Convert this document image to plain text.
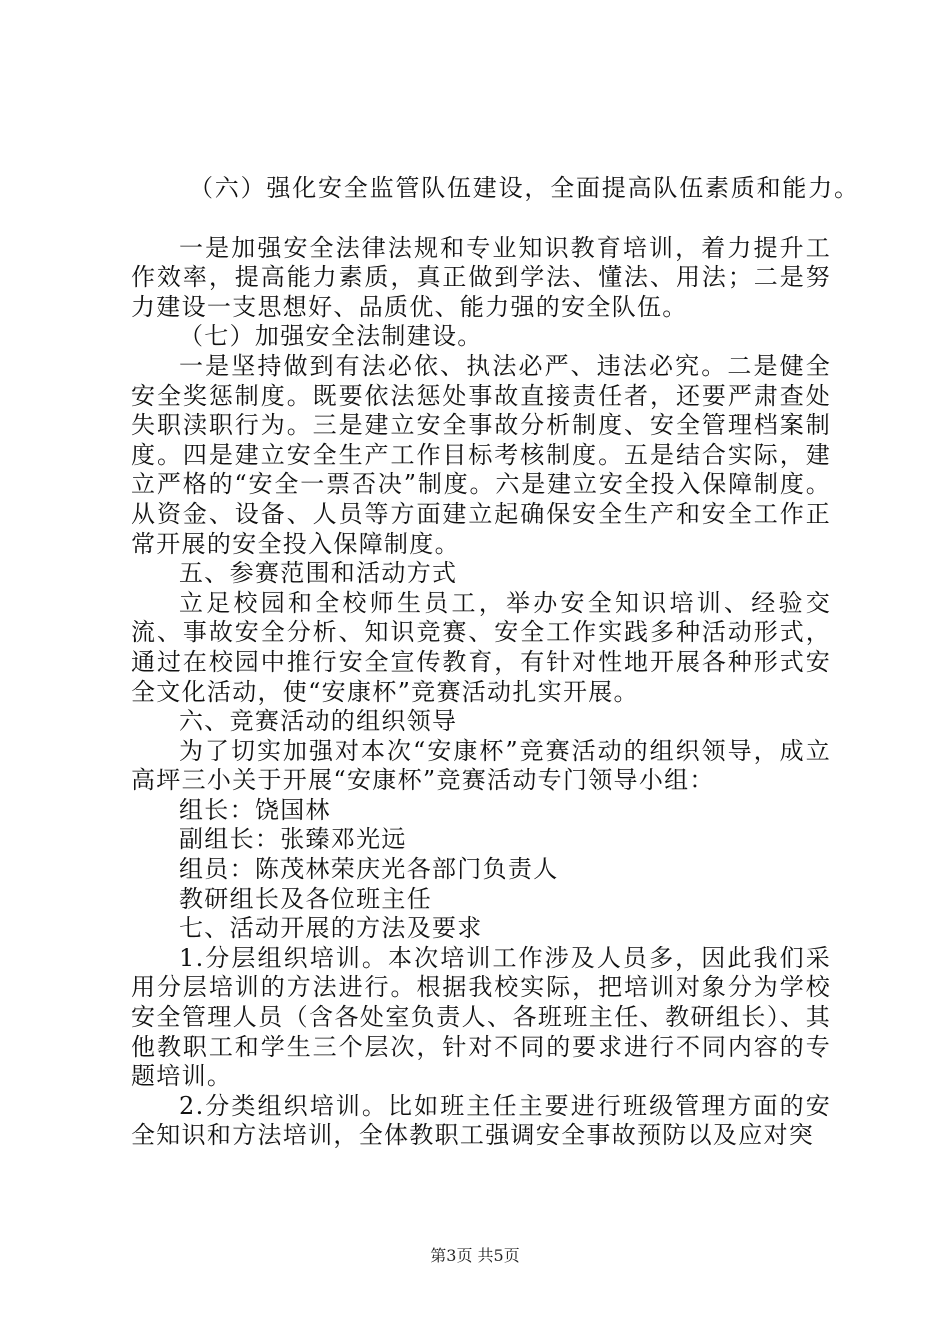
（六）强化安全监管队伍建设，全面提高队伍素质和能力。

一是加强安全法律法规和专业知识教育培训，着力提升工作效率，提高能力素质，真正做到学法、懂法、用法；二是努力建设一支思想好、品质优、能力强的安全队伍。

（七）加强安全法制建设。

一是坚持做到有法必依、执法必严、违法必究。二是健全安全奖惩制度。既要依法惩处事故直接责任者，还要严肃查处失职渎职行为。三是建立安全事故分析制度、安全管理档案制度。四是建立安全生产工作目标考核制度。五是结合实际，建立严格的“安全一票否决”制度。六是建立安全投入保障制度。从资金、设备、人员等方面建立起确保安全生产和安全工作正常开展的安全投入保障制度。

五、参赛范围和活动方式

立足校园和全校师生员工，举办安全知识培训、经验交流、事故安全分析、知识竞赛、安全工作实践多种活动形式，通过在校园中推行安全宣传教育，有针对性地开展各种形式安全文化活动，使“安康杯”竞赛活动扎实开展。

六、竞赛活动的组织领导

为了切实加强对本次“安康杯”竞赛活动的组织领导，成立高坪三小关于开展“安康杯”竞赛活动专门领导小组：

组长：饶国林

副组长：张臻邓光远

组员：陈茂林荣庆光各部门负责人

教研组长及各位班主任

七、活动开展的方法及要求

1.分层组织培训。本次培训工作涉及人员多，因此我们采用分层培训的方法进行。根据我校实际，把培训对象分为学校安全管理人员（含各处室负责人、各班班主任、教研组长）、其他教职工和学生三个层次，针对不同的要求进行不同内容的专题培训。

2.分类组织培训。比如班主任主要进行班级管理方面的安全知识和方法培训，全体教职工强调安全事故预防以及应对突

第3页 共5页
